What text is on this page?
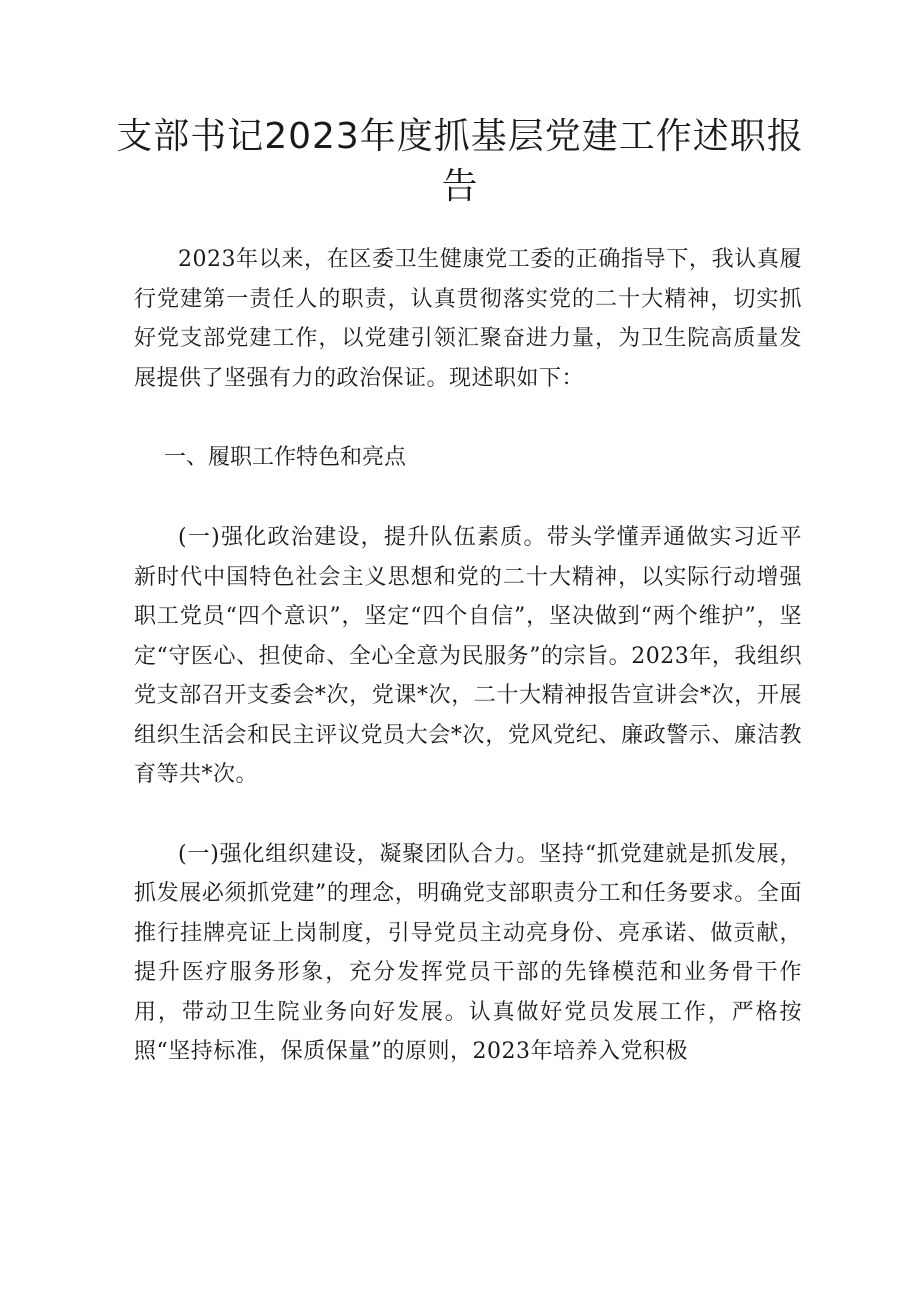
支部书记2023年度抓基层党建工作述职报告

2023年以来，在区委卫生健康党工委的正确指导下，我认真履行党建第一责任人的职责，认真贯彻落实党的二十大精神，切实抓好党支部党建工作，以党建引领汇聚奋进力量，为卫生院高质量发展提供了坚强有力的政治保证。现述职如下：

一、履职工作特色和亮点

(一)强化政治建设，提升队伍素质。带头学懂弄通做实习近平新时代中国特色社会主义思想和党的二十大精神，以实际行动增强职工党员“四个意识”，坚定“四个自信”，坚决做到“两个维护”，坚定“守医心、担使命、全心全意为民服务”的宗旨。2023年，我组织党支部召开支委会*次，党课*次，二十大精神报告宣讲会*次，开展组织生活会和民主评议党员大会*次，党风党纪、廉政警示、廉洁教育等共*次。

(一)强化组织建设，凝聚团队合力。坚持“抓党建就是抓发展，抓发展必须抓党建”的理念，明确党支部职责分工和任务要求。全面推行挂牌亮证上岗制度，引导党员主动亮身份、亮承诺、做贡献，提升医疗服务形象，充分发挥党员干部的先锋模范和业务骨干作用，带动卫生院业务向好发展。认真做好党员发展工作，严格按照“坚持标准，保质保量”的原则，2023年培养入党积极
